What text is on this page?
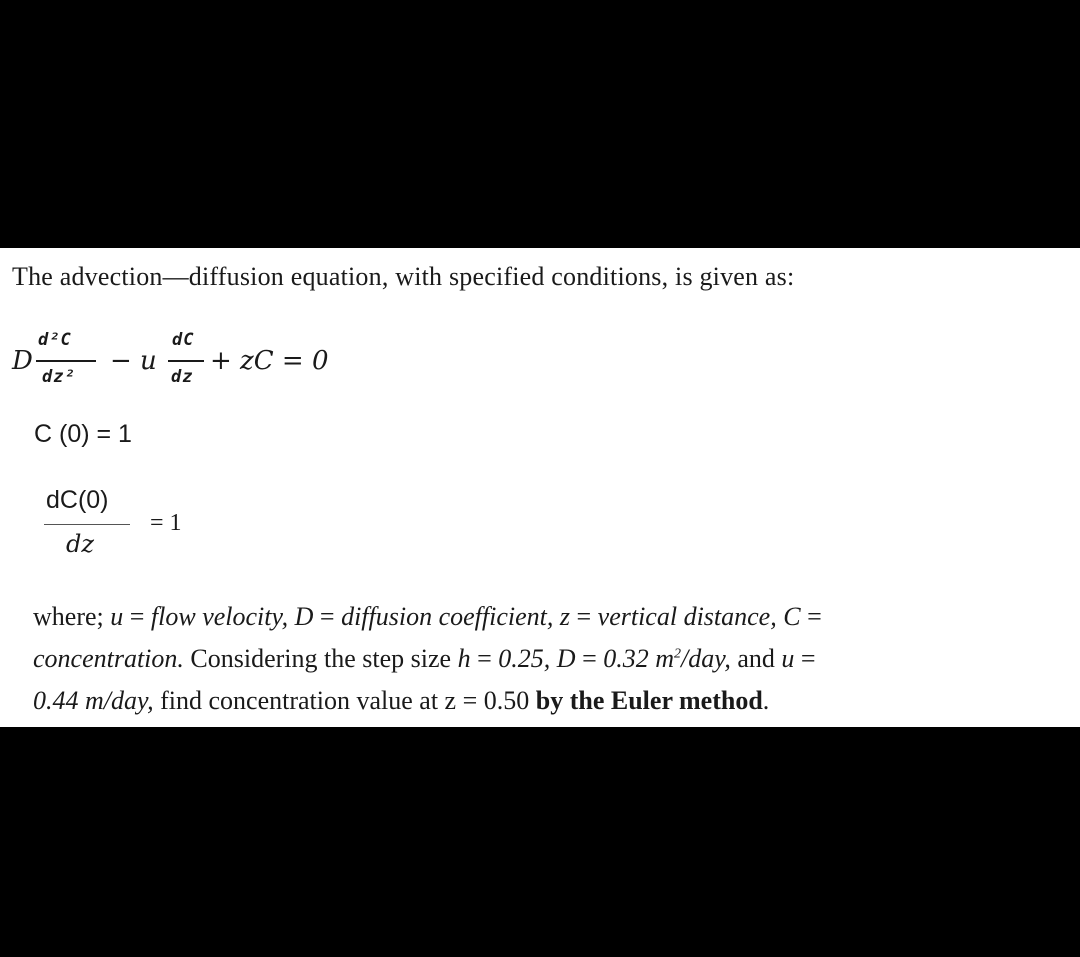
The advection—diffusion equation, with specified conditions, is given as:
D
d²C
dz²
− u
dC
dz
+ zC = 0
C (0) = 1
dC(0)
dz
= 1
where; u = flow velocity, D = diffusion coefficient, z = vertical distance, C =
concentration. Considering the step size h = 0.25, D = 0.32 $m^2$/day, and u =
0.44 m/day, find concentration value at z = 0.50 by the Euler method.
